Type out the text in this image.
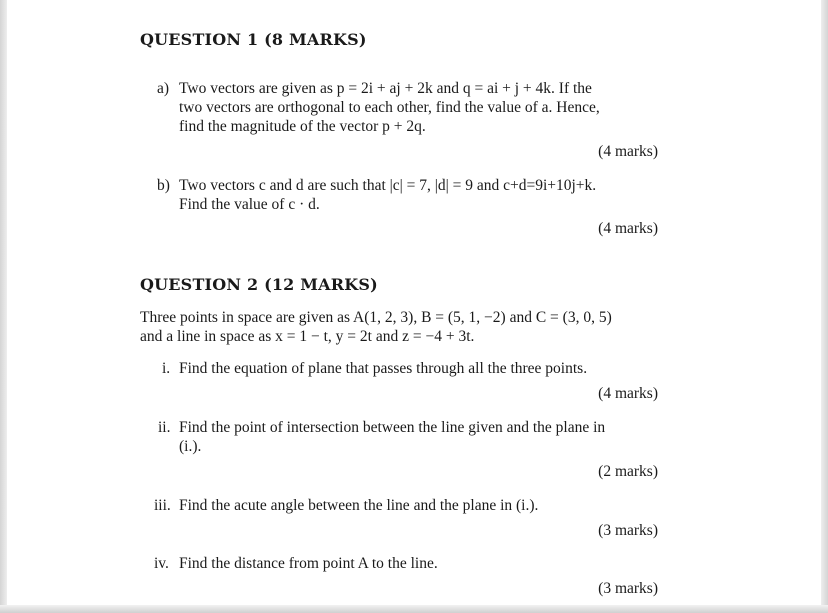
QUESTION 1 (8 MARKS)
a) Two vectors are given as p = 2i + aj + 2k and q = ai + j + 4k. If the
two vectors are orthogonal to each other, find the value of a. Hence,
find the magnitude of the vector p + 2q.
(4 marks)
b) Two vectors c and d are such that |c| = 7, |d| = 9 and c+d=9i+10j+k.
Find the value of c · d.
(4 marks)
QUESTION 2 (12 MARKS)
Three points in space are given as A(1, 2, 3), B = (5, 1, −2) and C = (3, 0, 5)
and a line in space as x = 1 − t, y = 2t and z = −4 + 3t.
i. Find the equation of plane that passes through all the three points.
(4 marks)
ii. Find the point of intersection between the line given and the plane in
(i.).
(2 marks)
iii. Find the acute angle between the line and the plane in (i.).
(3 marks)
iv. Find the distance from point A to the line.
(3 marks)
